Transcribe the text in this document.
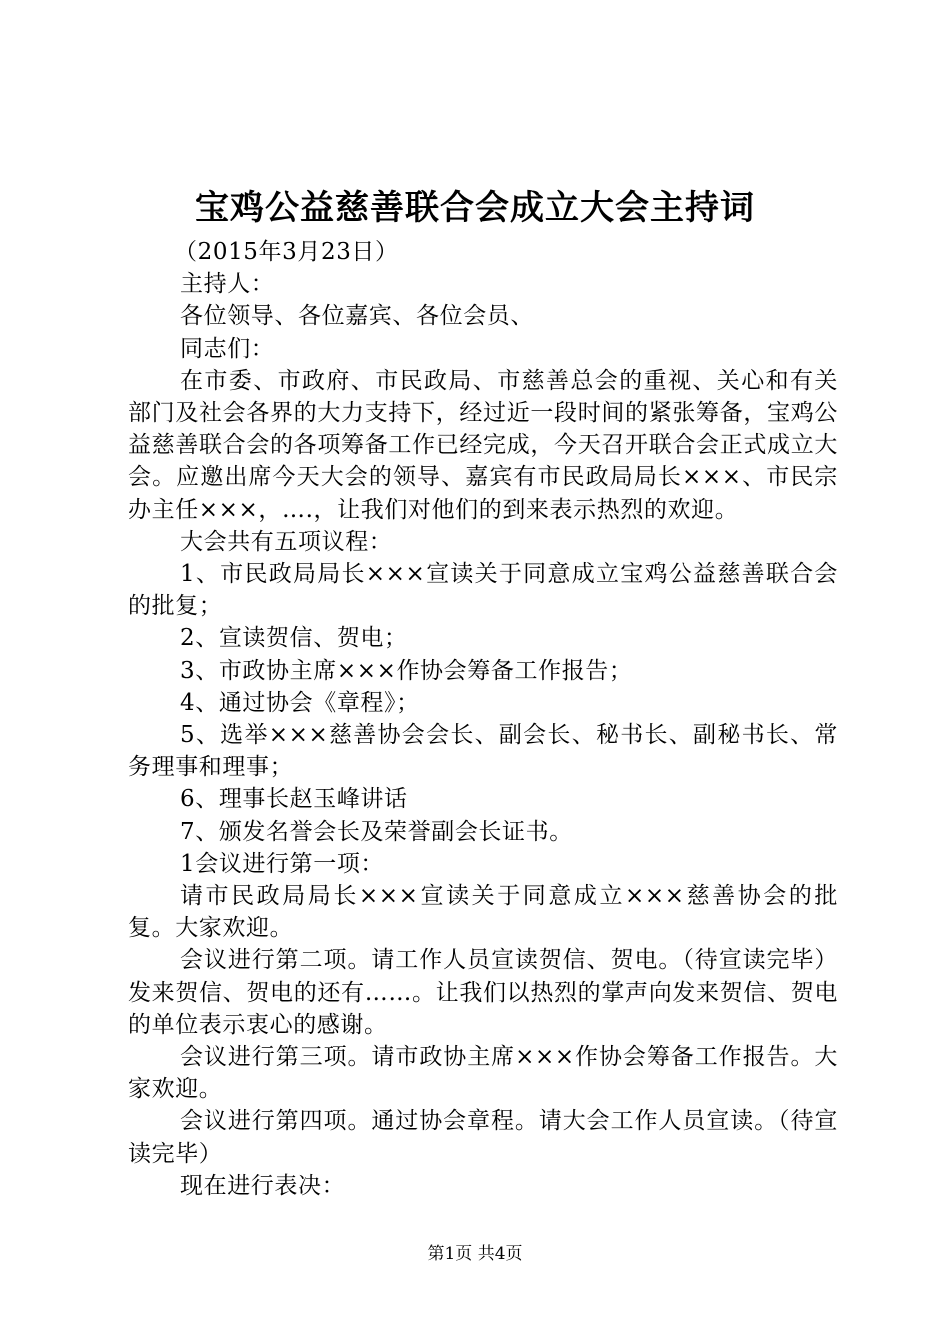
宝鸡公益慈善联合会成立大会主持词

（2015年3月23日）

主持人：

各位领导、各位嘉宾、各位会员、

同志们：

在市委、市政府、市民政局、市慈善总会的重视、关心和有关部门及社会各界的大力支持下，经过近一段时间的紧张筹备，宝鸡公益慈善联合会的各项筹备工作已经完成，今天召开联合会正式成立大会。应邀出席今天大会的领导、嘉宾有市民政局局长×××、市民宗办主任×××，….，让我们对他们的到来表示热烈的欢迎。

大会共有五项议程：

1、市民政局局长×××宣读关于同意成立宝鸡公益慈善联合会的批复；

2、宣读贺信、贺电；

3、市政协主席×××作协会筹备工作报告；

4、通过协会《章程》；

5、选举×××慈善协会会长、副会长、秘书长、副秘书长、常务理事和理事；

6、理事长赵玉峰讲话

7、颁发名誉会长及荣誉副会长证书。

1会议进行第一项：

请市民政局局长×××宣读关于同意成立×××慈善协会的批复。大家欢迎。

会议进行第二项。请工作人员宣读贺信、贺电。（待宣读完毕）发来贺信、贺电的还有……。让我们以热烈的掌声向发来贺信、贺电的单位表示衷心的感谢。

会议进行第三项。请市政协主席×××作协会筹备工作报告。大家欢迎。

会议进行第四项。通过协会章程。请大会工作人员宣读。（待宣读完毕）

现在进行表决：

第1页 共4页
